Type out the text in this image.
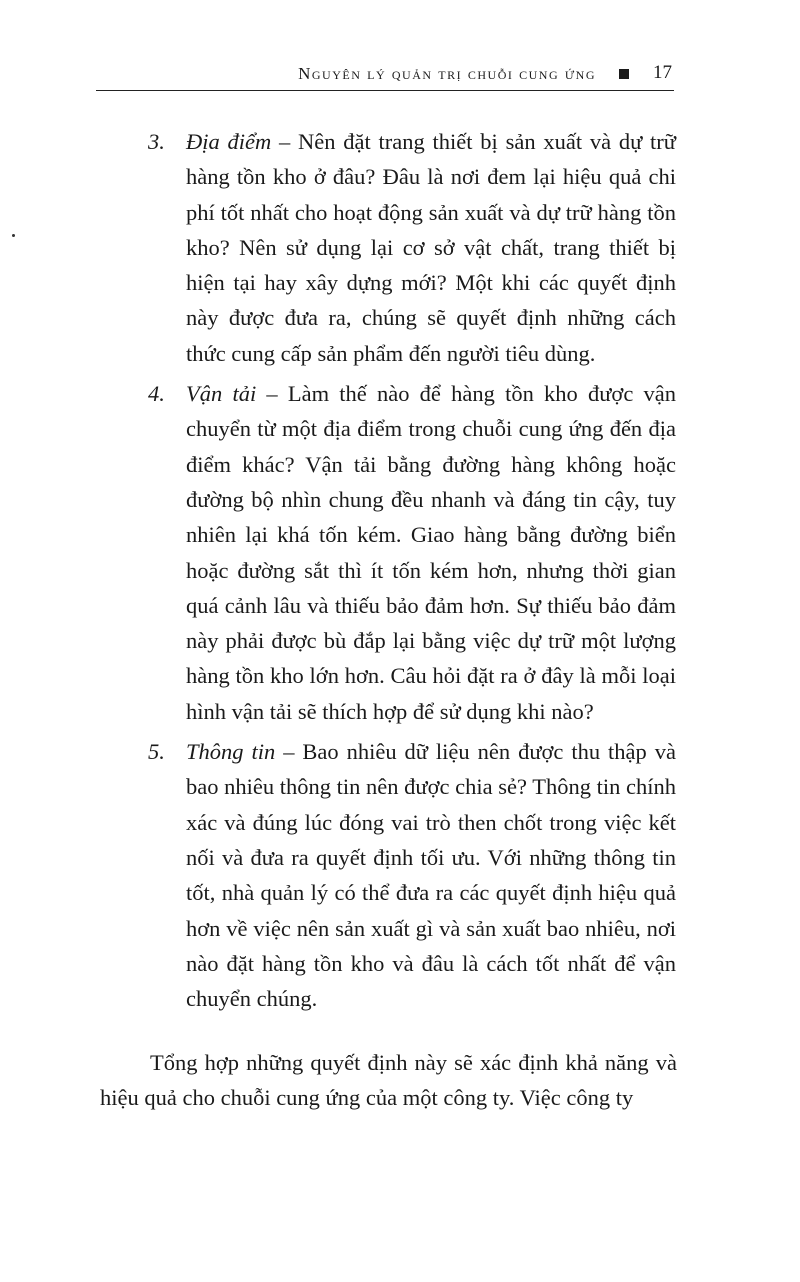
Nguyên lý quản trị chuỗi cung ứng	17
3. Địa điểm – Nên đặt trang thiết bị sản xuất và dự trữ hàng tồn kho ở đâu? Đâu là nơi đem lại hiệu quả chi phí tốt nhất cho hoạt động sản xuất và dự trữ hàng tồn kho? Nên sử dụng lại cơ sở vật chất, trang thiết bị hiện tại hay xây dựng mới? Một khi các quyết định này được đưa ra, chúng sẽ quyết định những cách thức cung cấp sản phẩm đến người tiêu dùng.
4. Vận tải – Làm thế nào để hàng tồn kho được vận chuyển từ một địa điểm trong chuỗi cung ứng đến địa điểm khác? Vận tải bằng đường hàng không hoặc đường bộ nhìn chung đều nhanh và đáng tin cậy, tuy nhiên lại khá tốn kém. Giao hàng bằng đường biển hoặc đường sắt thì ít tốn kém hơn, nhưng thời gian quá cảnh lâu và thiếu bảo đảm hơn. Sự thiếu bảo đảm này phải được bù đắp lại bằng việc dự trữ một lượng hàng tồn kho lớn hơn. Câu hỏi đặt ra ở đây là mỗi loại hình vận tải sẽ thích hợp để sử dụng khi nào?
5. Thông tin – Bao nhiêu dữ liệu nên được thu thập và bao nhiêu thông tin nên được chia sẻ? Thông tin chính xác và đúng lúc đóng vai trò then chốt trong việc kết nối và đưa ra quyết định tối ưu. Với những thông tin tốt, nhà quản lý có thể đưa ra các quyết định hiệu quả hơn về việc nên sản xuất gì và sản xuất bao nhiêu, nơi nào đặt hàng tồn kho và đâu là cách tốt nhất để vận chuyển chúng.

Tổng hợp những quyết định này sẽ xác định khả năng và hiệu quả cho chuỗi cung ứng của một công ty. Việc công ty
